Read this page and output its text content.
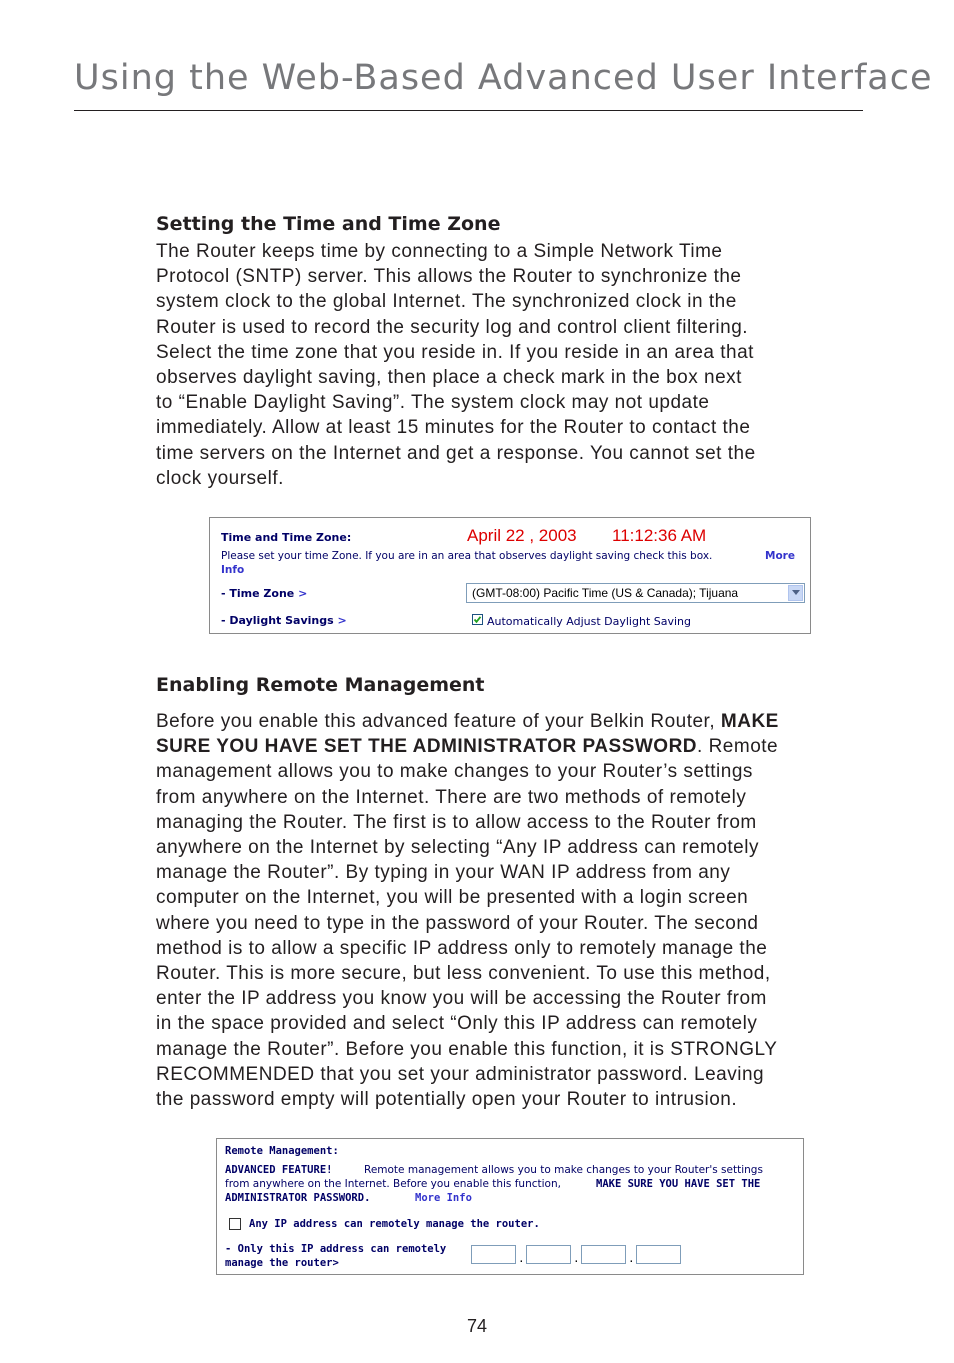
Using the Web-Based Advanced User Interface
Setting the Time and Time Zone
The Router keeps time by connecting to a Simple Network Time
Protocol (SNTP) server. This allows the Router to synchronize the
system clock to the global Internet. The synchronized clock in the
Router is used to record the security log and control client filtering.
Select the time zone that you reside in. If you reside in an area that
observes daylight saving, then place a check mark in the box next
to “Enable Daylight Saving”. The system clock may not update
immediately. Allow at least 15 minutes for the Router to contact the
time servers on the Internet and get a response. You cannot set the
clock yourself.
Time and Time Zone:	April 22 , 2003 11:12:36 AM
Please set your time Zone. If you are in an area that observes daylight saving check this box.	More
Info
- Time Zone >	(GMT-08:00) Pacific Time (US & Canada); Tijuana
- Daylight Savings >	Automatically Adjust Daylight Saving
Enabling Remote Management
Before you enable this advanced feature of your Belkin Router, MAKE
SURE YOU HAVE SET THE ADMINISTRATOR PASSWORD. Remote
management allows you to make changes to your Router’s settings
from anywhere on the Internet. There are two methods of remotely
managing the Router. The first is to allow access to the Router from
anywhere on the Internet by selecting “Any IP address can remotely
manage the Router”. By typing in your WAN IP address from any
computer on the Internet, you will be presented with a login screen
where you need to type in the password of your Router. The second
method is to allow a specific IP address only to remotely manage the
Router. This is more secure, but less convenient. To use this method,
enter the IP address you know you will be accessing the Router from
in the space provided and select “Only this IP address can remotely
manage the Router”. Before you enable this function, it is STRONGLY
RECOMMENDED that you set your administrator password. Leaving
the password empty will potentially open your Router to intrusion.
Remote Management:
ADVANCED FEATURE!	Remote management allows you to make changes to your Router's settings
from anywhere on the Internet. Before you enable this function,	MAKE SURE YOU HAVE SET THE
ADMINISTRATOR PASSWORD.	More Info
Any IP address can remotely manage the router.
- Only this IP address can remotely
manage the router>	.	.	.
74
